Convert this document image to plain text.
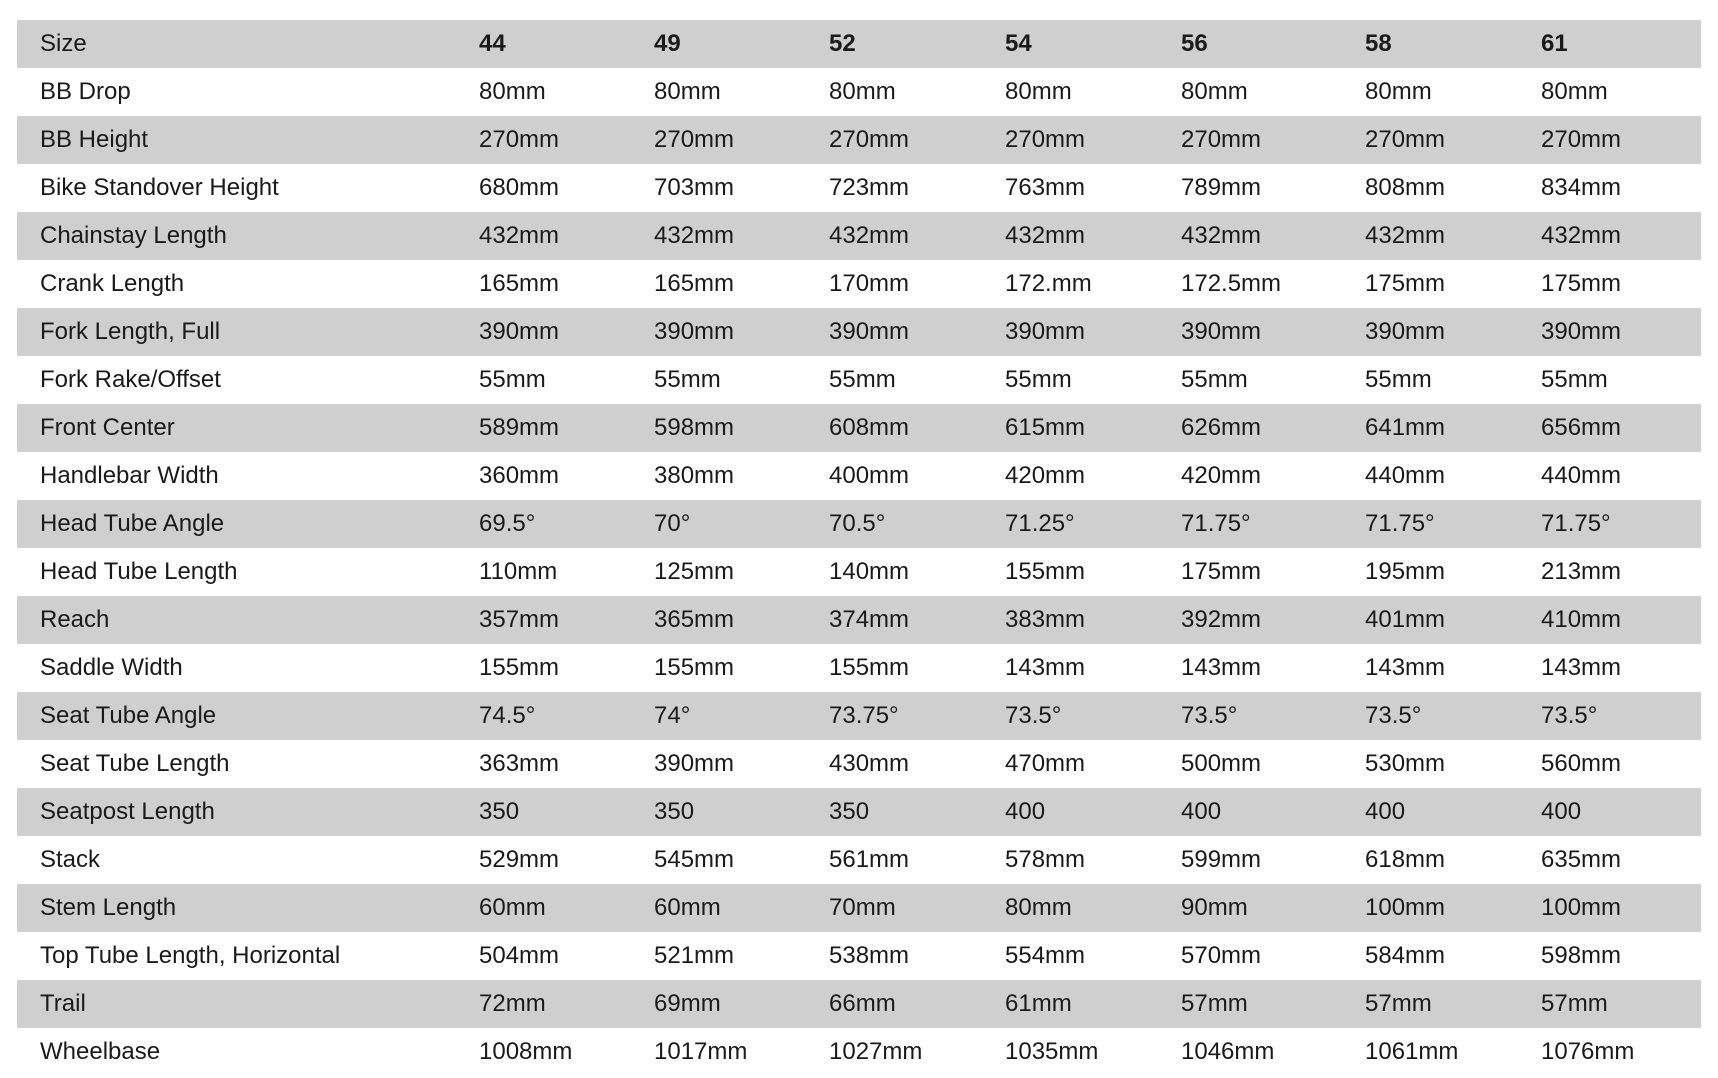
Size	44	49	52	54	56	58	61
BB Drop	80mm	80mm	80mm	80mm	80mm	80mm	80mm
BB Height	270mm	270mm	270mm	270mm	270mm	270mm	270mm
Bike Standover Height	680mm	703mm	723mm	763mm	789mm	808mm	834mm
Chainstay Length	432mm	432mm	432mm	432mm	432mm	432mm	432mm
Crank Length	165mm	165mm	170mm	172.mm	172.5mm	175mm	175mm
Fork Length, Full	390mm	390mm	390mm	390mm	390mm	390mm	390mm
Fork Rake/Offset	55mm	55mm	55mm	55mm	55mm	55mm	55mm
Front Center	589mm	598mm	608mm	615mm	626mm	641mm	656mm
Handlebar Width	360mm	380mm	400mm	420mm	420mm	440mm	440mm
Head Tube Angle	69.5°	70°	70.5°	71.25°	71.75°	71.75°	71.75°
Head Tube Length	110mm	125mm	140mm	155mm	175mm	195mm	213mm
Reach	357mm	365mm	374mm	383mm	392mm	401mm	410mm
Saddle Width	155mm	155mm	155mm	143mm	143mm	143mm	143mm
Seat Tube Angle	74.5°	74°	73.75°	73.5°	73.5°	73.5°	73.5°
Seat Tube Length	363mm	390mm	430mm	470mm	500mm	530mm	560mm
Seatpost Length	350	350	350	400	400	400	400
Stack	529mm	545mm	561mm	578mm	599mm	618mm	635mm
Stem Length	60mm	60mm	70mm	80mm	90mm	100mm	100mm
Top Tube Length, Horizontal	504mm	521mm	538mm	554mm	570mm	584mm	598mm
Trail	72mm	69mm	66mm	61mm	57mm	57mm	57mm
Wheelbase	1008mm	1017mm	1027mm	1035mm	1046mm	1061mm	1076mm
